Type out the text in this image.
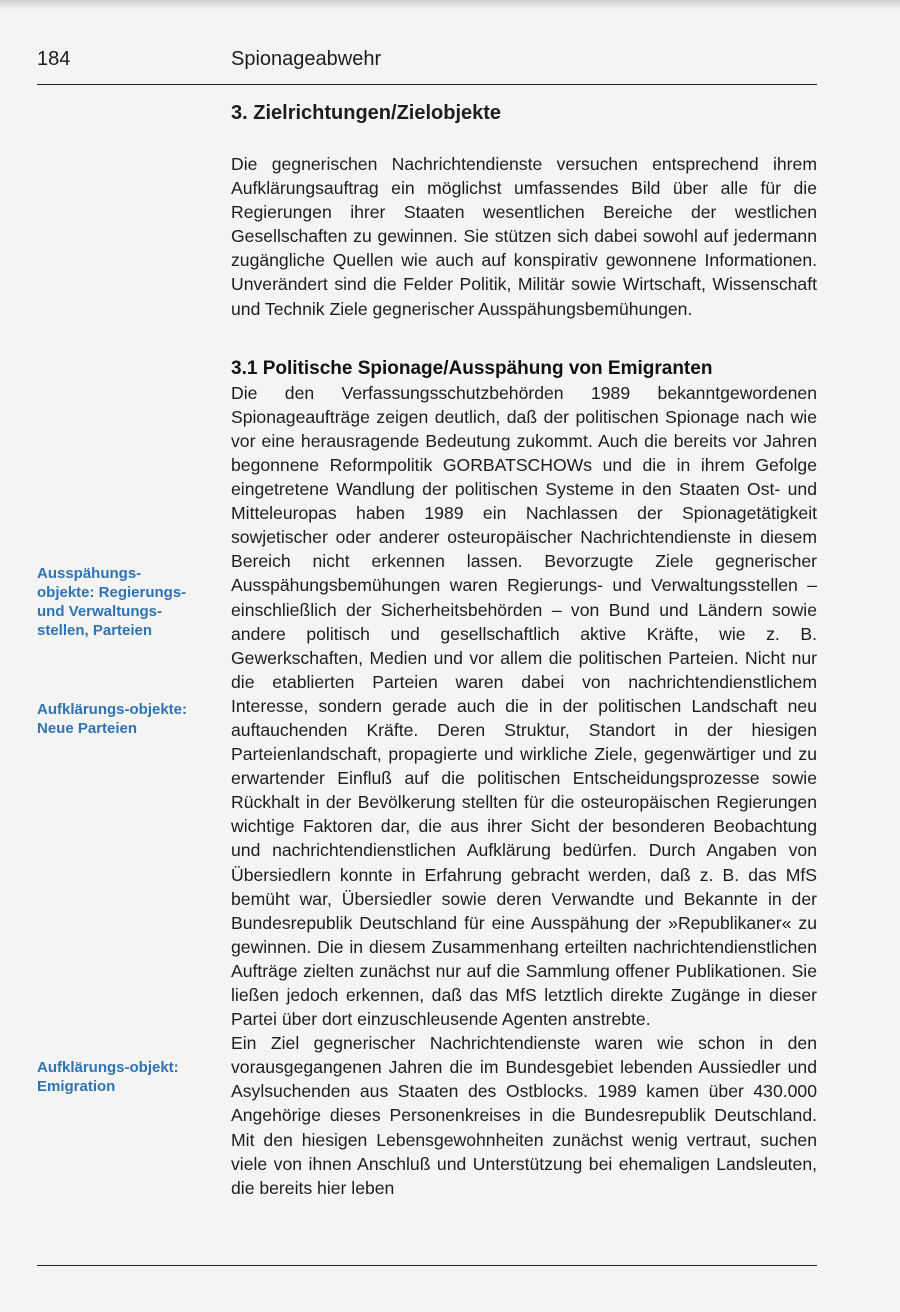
184	Spionageabwehr
3. Zielrichtungen/Zielobjekte

Die gegnerischen Nachrichtendienste versuchen entsprechend ihrem Aufklärungsauftrag ein möglichst umfassendes Bild über alle für die Regierungen ihrer Staaten wesentlichen Bereiche der westlichen Gesellschaften zu gewinnen. Sie stützen sich dabei sowohl auf jedermann zugängliche Quellen wie auch auf konspirativ gewonnene Informationen. Unverändert sind die Felder Politik, Militär sowie Wirtschaft, Wissenschaft und Technik Ziele gegnerischer Ausspähungsbemühungen.

3.1 Politische Spionage/Ausspähung von Emigranten

Die den Verfassungsschutzbehörden 1989 bekanntgewordenen Spionageaufträge zeigen deutlich, daß der politischen Spionage nach wie vor eine herausragende Bedeutung zukommt. Auch die bereits vor Jahren begonnene Reformpolitik GORBATSCHOWs und die in ihrem Gefolge eingetretene Wandlung der politischen Systeme in den Staaten Ost- und Mitteleuropas haben 1989 ein Nachlassen der Spionagetätigkeit sowjetischer oder anderer osteuropäischer Nachrichtendienste in diesem Bereich nicht erkennen lassen. Bevorzugte Ziele gegnerischer Ausspähungsbemühungen waren Regierungs- und Verwaltungsstellen – einschließlich der Sicherheitsbehörden – von Bund und Ländern sowie andere politisch und gesellschaftlich aktive Kräfte, wie z. B. Gewerkschaften, Medien und vor allem die politischen Parteien. Nicht nur die etablierten Parteien waren dabei von nachrichtendienstlichem Interesse, sondern gerade auch die in der politischen Landschaft neu auftauchenden Kräfte. Deren Struktur, Standort in der hiesigen Parteienlandschaft, propagierte und wirkliche Ziele, gegenwärtiger und zu erwartender Einfluß auf die politischen Entscheidungsprozesse sowie Rückhalt in der Bevölkerung stellten für die osteuropäischen Regierungen wichtige Faktoren dar, die aus ihrer Sicht der besonderen Beobachtung und nachrichtendienstlichen Aufklärung bedürfen. Durch Angaben von Übersiedlern konnte in Erfahrung gebracht werden, daß z. B. das MfS bemüht war, Übersiedler sowie deren Verwandte und Bekannte in der Bundesrepublik Deutschland für eine Ausspähung der »Republikaner« zu gewinnen. Die in diesem Zusammenhang erteilten nachrichtendienstlichen Aufträge zielten zunächst nur auf die Sammlung offener Publikationen. Sie ließen jedoch erkennen, daß das MfS letztlich direkte Zugänge in dieser Partei über dort einzuschleusende Agenten anstrebte.

Ein Ziel gegnerischer Nachrichtendienste waren wie schon in den vorausgegangenen Jahren die im Bundesgebiet lebenden Aussiedler und Asylsuchenden aus Staaten des Ostblocks. 1989 kamen über 430.000 Angehörige dieses Personenkreises in die Bundesrepublik Deutschland. Mit den hiesigen Lebensgewohnheiten zunächst wenig vertraut, suchen viele von ihnen Anschluß und Unterstützung bei ehemaligen Landsleuten, die bereits hier leben

Ausspähungs-objekte: Regierungs- und Verwaltungs-stellen, Parteien
Aufklärungs-objekte: Neue Parteien
Aufklärungs-objekt: Emigration
